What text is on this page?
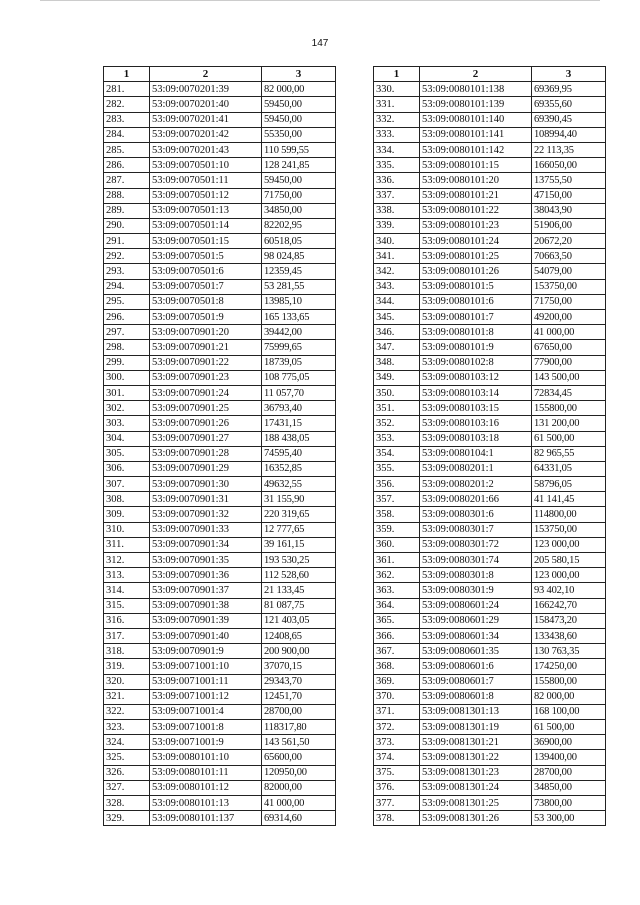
147
1	2	3
281.	53:09:0070201:39	82 000,00
282.	53:09:0070201:40	59450,00
283.	53:09:0070201:41	59450,00
284.	53:09:0070201:42	55350,00
285.	53:09:0070201:43	110 599,55
286.	53:09:0070501:10	128 241,85
287.	53:09:0070501:11	59450,00
288.	53:09:0070501:12	71750,00
289.	53:09:0070501:13	34850,00
290.	53:09:0070501:14	82202,95
291.	53:09:0070501:15	60518,05
292.	53:09:0070501:5	98 024,85
293.	53:09:0070501:6	12359,45
294.	53:09:0070501:7	53 281,55
295.	53:09:0070501:8	13985,10
296.	53:09:0070501:9	165 133,65
297.	53:09:0070901:20	39442,00
298.	53:09:0070901:21	75999,65
299.	53:09:0070901:22	18739,05
300.	53:09:0070901:23	108 775,05
301.	53:09:0070901:24	11 057,70
302.	53:09:0070901:25	36793,40
303.	53:09:0070901:26	17431,15
304.	53:09:0070901:27	188 438,05
305.	53:09:0070901:28	74595,40
306.	53:09:0070901:29	16352,85
307.	53:09:0070901:30	49632,55
308.	53:09:0070901:31	31 155,90
309.	53:09:0070901:32	220 319,65
310.	53:09:0070901:33	12 777,65
311.	53:09:0070901:34	39 161,15
312.	53:09:0070901:35	193 530,25
313.	53:09:0070901:36	112 528,60
314.	53:09:0070901:37	21 133,45
315.	53:09:0070901:38	81 087,75
316.	53:09:0070901:39	121 403,05
317.	53:09:0070901:40	12408,65
318.	53:09:0070901:9	200 900,00
319.	53:09:0071001:10	37070,15
320.	53:09:0071001:11	29343,70
321.	53:09:0071001:12	12451,70
322.	53:09:0071001:4	28700,00
323.	53:09:0071001:8	118317,80
324.	53:09:0071001:9	143 561,50
325.	53:09:0080101:10	65600,00
326.	53:09:0080101:11	120950,00
327.	53:09:0080101:12	82000,00
328.	53:09:0080101:13	41 000,00
329.	53:09:0080101:137	69314,60
1	2	3
330.	53:09:0080101:138	69369,95
331.	53:09:0080101:139	69355,60
332.	53:09:0080101:140	69390,45
333.	53:09:0080101:141	108994,40
334.	53:09:0080101:142	22 113,35
335.	53:09:0080101:15	166050,00
336.	53:09:0080101:20	13755,50
337.	53:09:0080101:21	47150,00
338.	53:09:0080101:22	38043,90
339.	53:09:0080101:23	51906,00
340.	53:09:0080101:24	20672,20
341.	53:09:0080101:25	70663,50
342.	53:09:0080101:26	54079,00
343.	53:09:0080101:5	153750,00
344.	53:09:0080101:6	71750,00
345.	53:09:0080101:7	49200,00
346.	53:09:0080101:8	41 000,00
347.	53:09:0080101:9	67650,00
348.	53:09:0080102:8	77900,00
349.	53:09:0080103:12	143 500,00
350.	53:09:0080103:14	72834,45
351.	53:09:0080103:15	155800,00
352.	53:09:0080103:16	131 200,00
353.	53:09:0080103:18	61 500,00
354.	53:09:0080104:1	82 965,55
355.	53:09:0080201:1	64331,05
356.	53:09:0080201:2	58796,05
357.	53:09:0080201:66	41 141,45
358.	53:09:0080301:6	114800,00
359.	53:09:0080301:7	153750,00
360.	53:09:0080301:72	123 000,00
361.	53:09:0080301:74	205 580,15
362.	53:09:0080301:8	123 000,00
363.	53:09:0080301:9	93 402,10
364.	53:09:0080601:24	166242,70
365.	53:09:0080601:29	158473,20
366.	53:09:0080601:34	133438,60
367.	53:09:0080601:35	130 763,35
368.	53:09:0080601:6	174250,00
369.	53:09:0080601:7	155800,00
370.	53:09:0080601:8	82 000,00
371.	53:09:0081301:13	168 100,00
372.	53:09:0081301:19	61 500,00
373.	53:09:0081301:21	36900,00
374.	53:09:0081301:22	139400,00
375.	53:09:0081301:23	28700,00
376.	53:09:0081301:24	34850,00
377.	53:09:0081301:25	73800,00
378.	53:09:0081301:26	53 300,00
